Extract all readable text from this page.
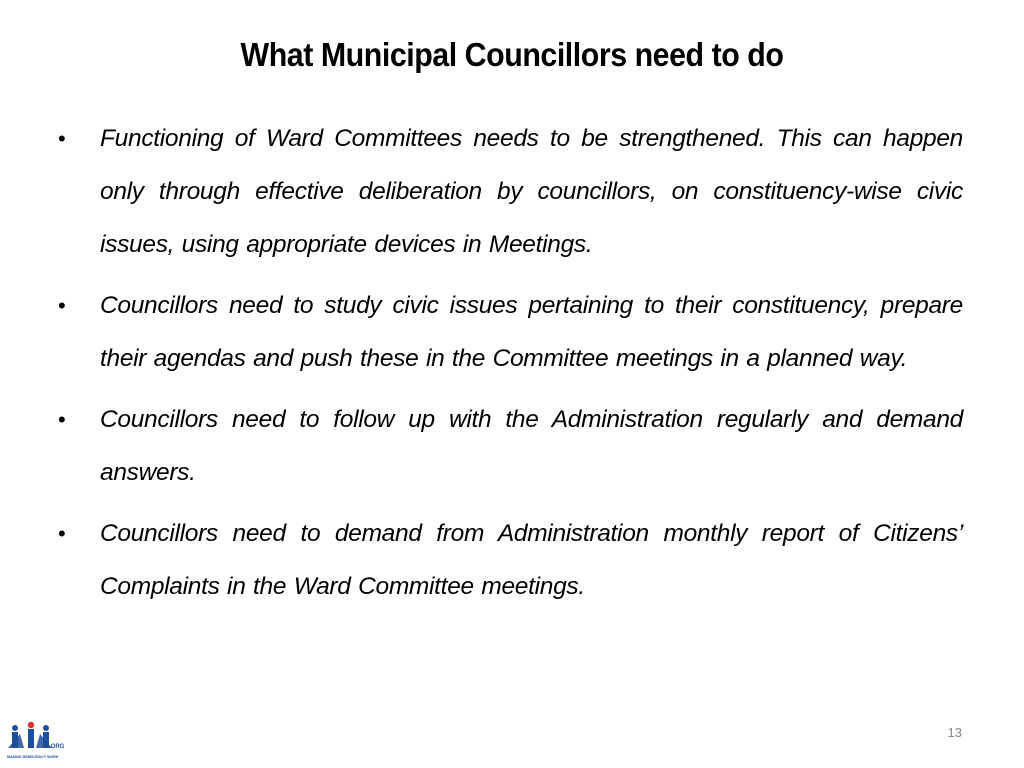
What Municipal Councillors need to do
• Functioning of Ward Committees needs to be strengthened. This can happen only through effective deliberation by councillors, on constituency-wise civic issues, using appropriate devices in Meetings.
• Councillors need to study civic issues pertaining to their constituency, prepare their agendas and push these in the Committee meetings in a planned way.
• Councillors need to follow up with the Administration regularly and demand answers.
• Councillors need to demand from Administration monthly report of Citizens’ Complaints in the Ward Committee meetings.
.ORG
MAKING DEMOCRACY WORK
13
